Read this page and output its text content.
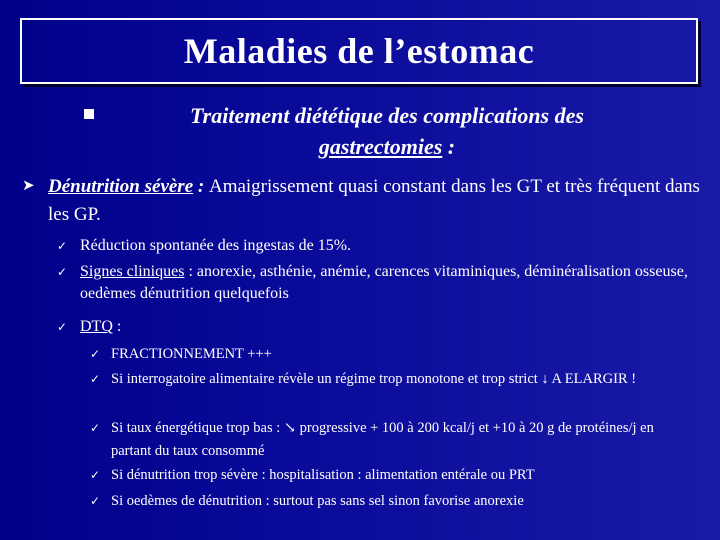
Maladies de l’estomac
Traitement diététique des complications des
gastrectomies :
➤ Dénutrition sévère : Amaigrissement quasi constant dans les GT et très fréquent dans les GP.
✓ Réduction spontanée des ingestas de 15%.
✓ Signes cliniques : anorexie, asthénie, anémie, carences vitaminiques, déminéralisation osseuse, oedèmes dénutrition quelquefois
✓ DTQ :
✓ FRACTIONNEMENT +++
✓ Si interrogatoire alimentaire révèle un régime trop monotone et trop strict ↓ A ELARGIR !
✓ Si taux énergétique trop bas : ↘ progressive + 100 à 200 kcal/j et +10 à 20 g de protéines/j en partant du taux consommé
✓ Si dénutrition trop sévère : hospitalisation : alimentation entérale ou PRT
✓ Si oedèmes de dénutrition : surtout pas sans sel sinon favorise anorexie
